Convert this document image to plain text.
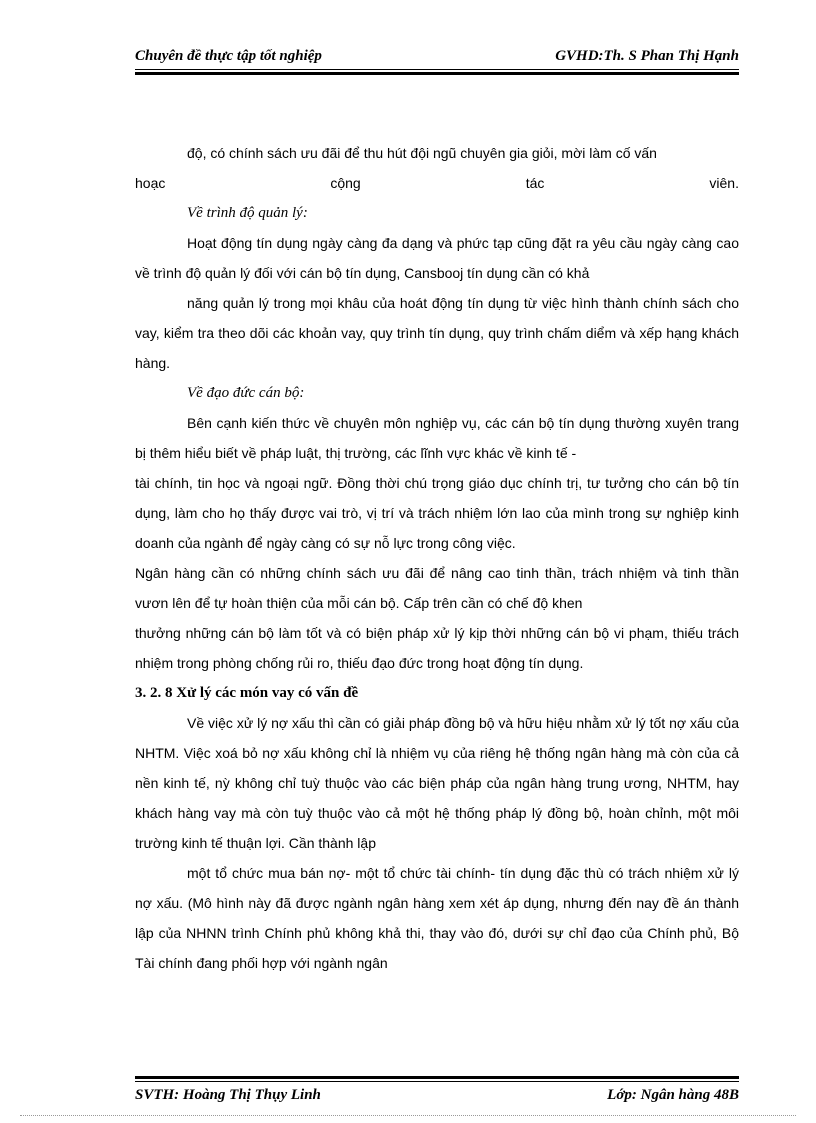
Chuyên đề thực tập tốt nghiệp	GVHD:Th. S Phan Thị Hạnh

độ, có chính sách ưu đãi để thu hút đội ngũ chuyên gia giỏi, mời làm cố vấn

hoạc	cộng	tác	viên.

Về trình độ quản lý:

Hoạt động tín dụng ngày càng đa dạng và phức tạp cũng đặt ra yêu cầu ngày càng cao về trình độ quản lý đối với cán bộ tín dụng, Cansbooj tín dụng cần có khả

năng quản lý trong mọi khâu của hoát động tín dụng từ việc hình thành chính sách cho vay, kiểm tra theo dõi các khoản vay, quy trình tín dụng, quy trình chấm diểm và xếp hạng khách hàng.

Về đạo đức cán bộ:

Bên cạnh kiến thức về chuyên môn nghiệp vụ, các cán bộ tín dụng thường xuyên trang bị thêm hiểu biết về pháp luật, thị trường, các lĩnh vực khác về kinh tế -

tài chính, tin học và ngoại ngữ. Đồng thời chú trọng giáo dục chính trị, tư tưởng cho cán bộ tín dụng, làm cho họ thấy được vai trò, vị trí và trách nhiệm lớn lao của mình trong sự nghiệp kinh doanh của ngành để ngày càng có sự nỗ lực trong công việc.

Ngân hàng cần có những chính sách ưu đãi để nâng cao tinh thần, trách nhiệm và tinh thần vươn lên để tự hoàn thiện của mỗi cán bộ. Cấp trên cần có chế độ khen

thưởng những cán bộ làm tốt và có biện pháp xử lý kịp thời những cán bộ vi phạm, thiếu trách nhiệm trong phòng chống rủi ro, thiếu đạo đức trong hoạt động tín dụng.

3. 2. 8 Xử lý các món vay có vấn đề

Về việc xử lý nợ xấu thì cần có giải pháp đồng bộ và hữu hiệu nhằm xử lý tốt nợ xấu của NHTM. Việc xoá bỏ nợ xấu không chỉ là nhiệm vụ của riêng hệ thống ngân hàng mà còn của cả nền kinh tế, nỳ không chỉ tuỳ thuộc vào các biện pháp của ngân hàng trung ương, NHTM, hay khách hàng vay mà còn tuỳ thuộc vào cả một hệ thống pháp lý đồng bộ, hoàn chỉnh, một môi trường kinh tế thuận lợi. Cần thành lập

một tổ chức mua bán nợ- một tổ chức tài chính- tín dụng đặc thù có trách nhiệm xử lý nợ xấu. (Mô hình này đã được ngành ngân hàng xem xét áp dụng, nhưng đến nay đề án thành lập của NHNN trình Chính phủ không khả thi, thay vào đó, dưới sự chỉ đạo của Chính phủ, Bộ Tài chính đang phối hợp với ngành ngân

SVTH: Hoàng Thị Thụy Linh	Lớp: Ngân hàng 48B
